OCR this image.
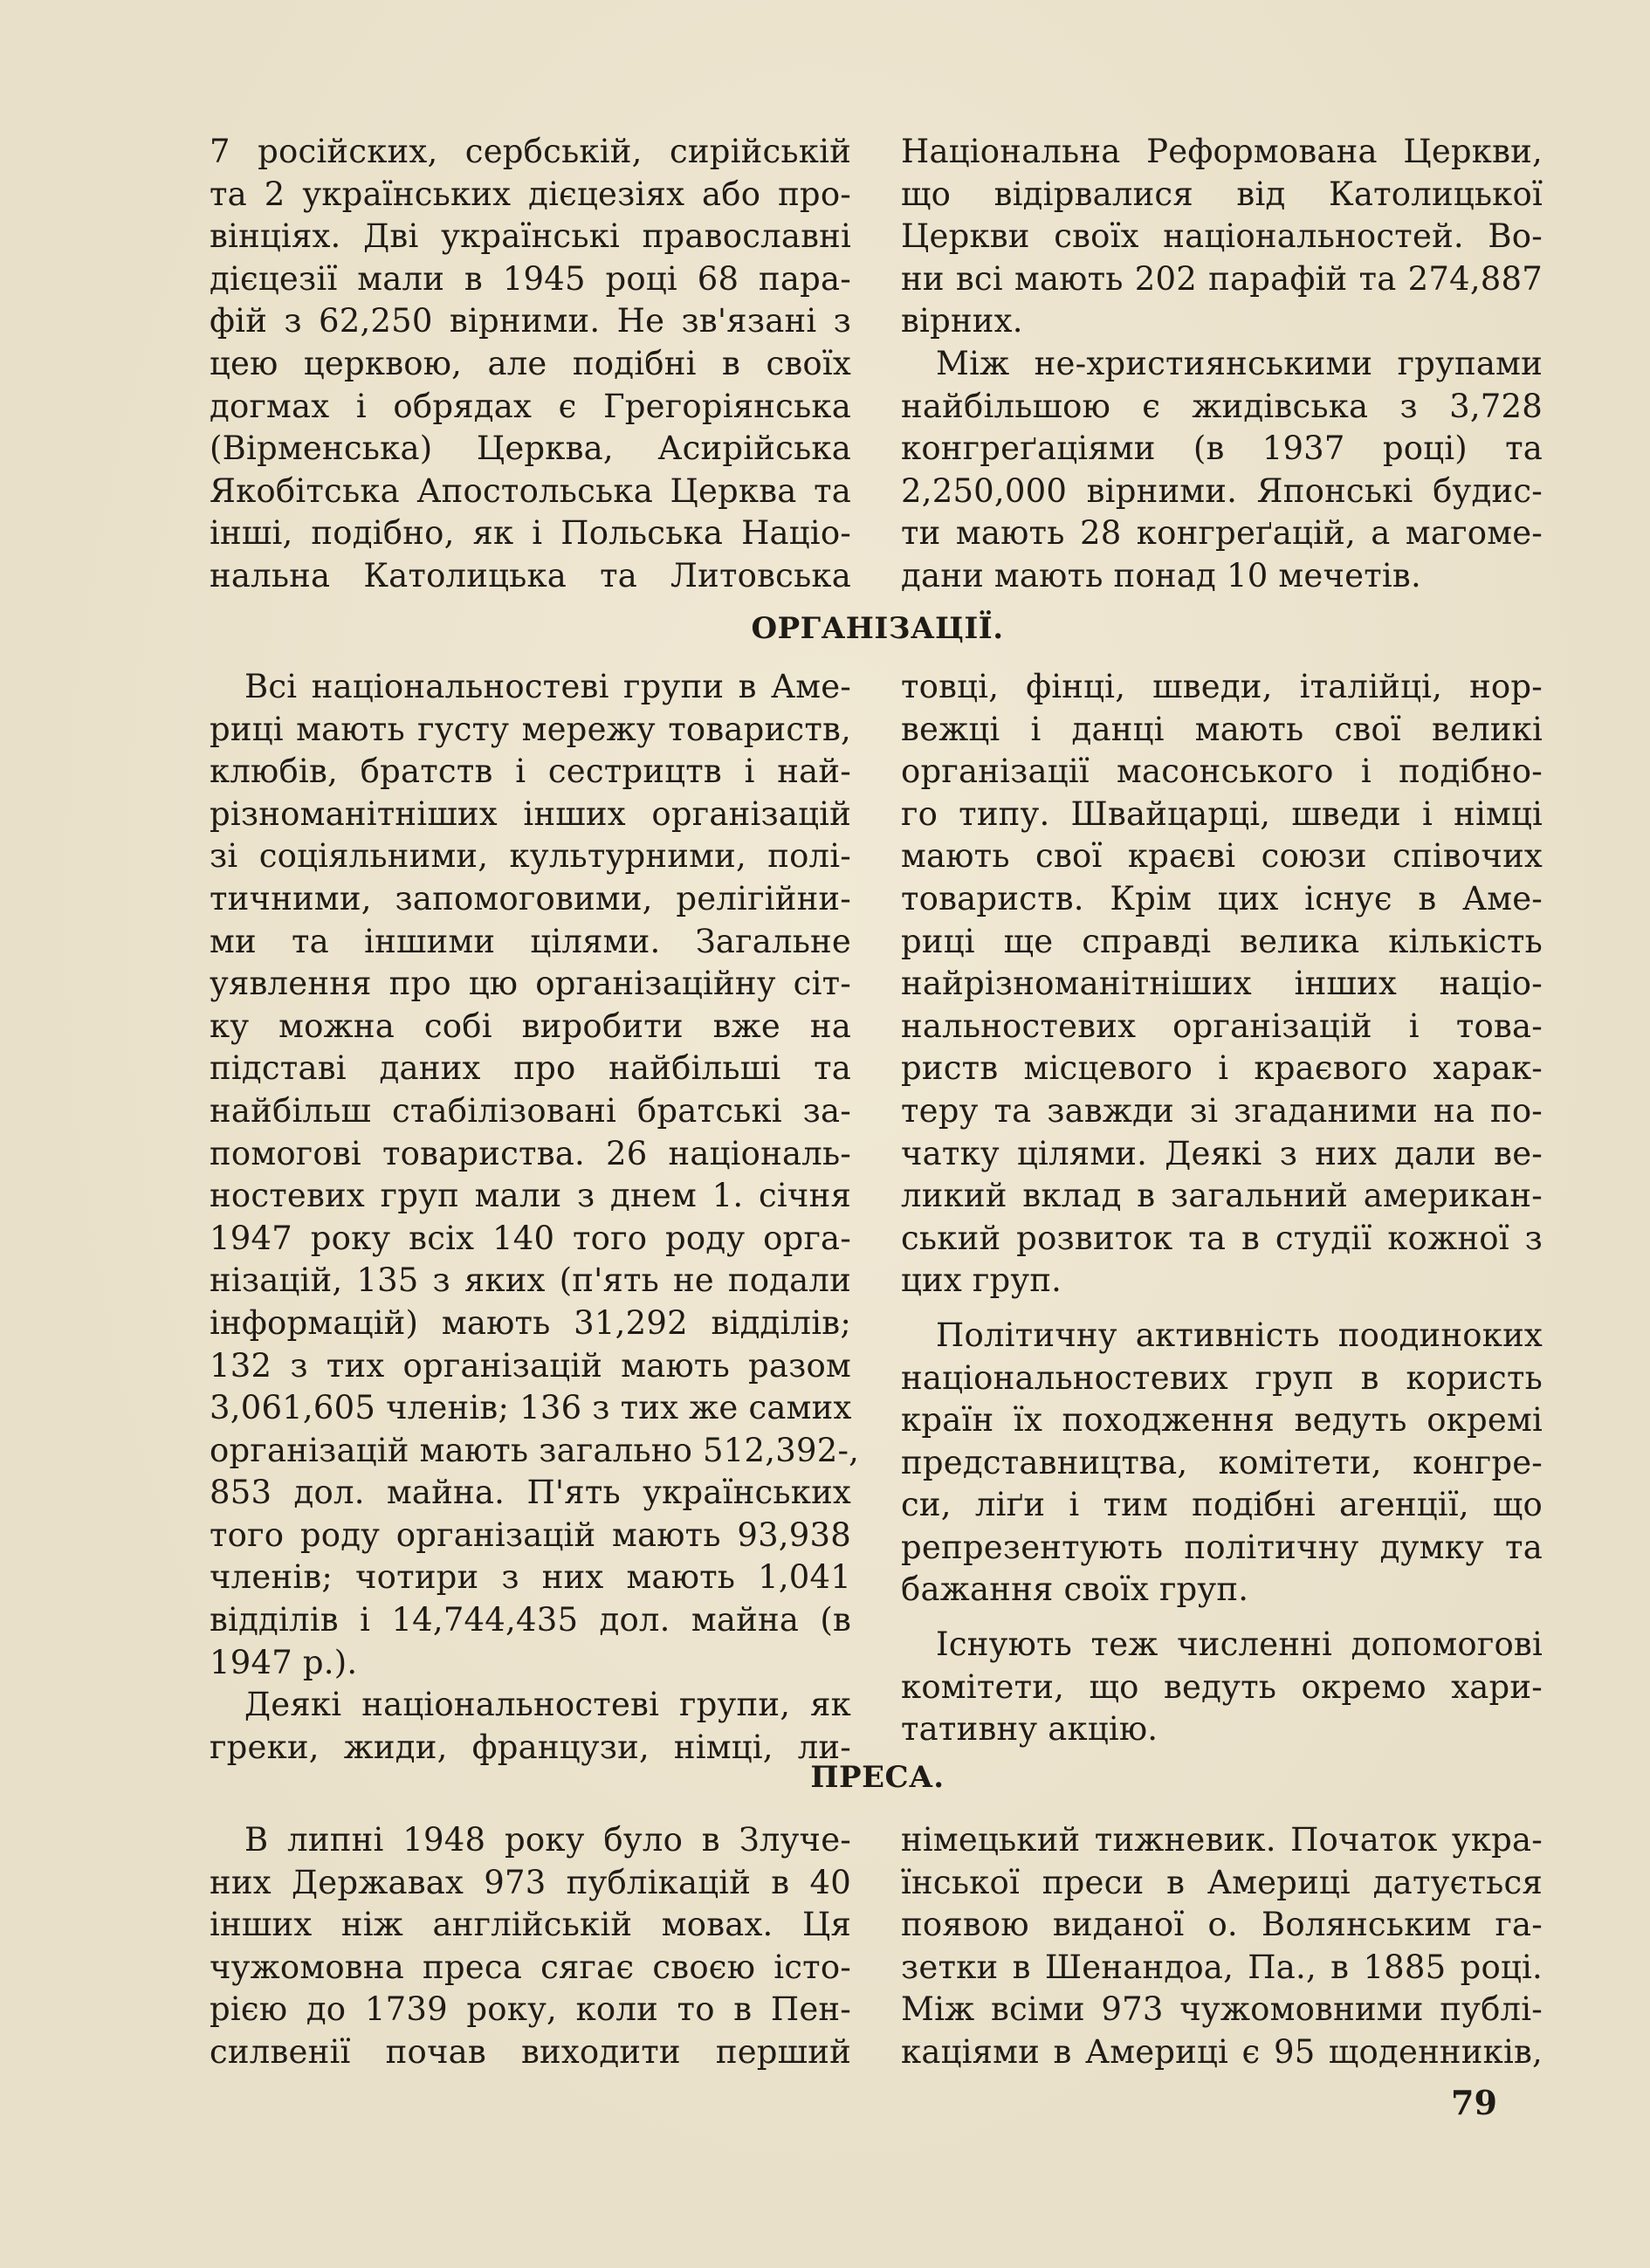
7 російских, сербській, сирійській
та 2 українських дієцезіях або про-
вінціях. Дві українські православні
дієцезії мали в 1945 році 68 пара-
фій з 62,250 вірними. Не зв'язані з
цею церквою, але подібні в своїх
догмах і обрядах є Грегоріянська
(Вірменська) Церква, Асирійська
Якобітська Апостольська Церква та
інші, подібно, як і Польська Націо-
нальна Католицька та Литовська
Національна Реформована Церкви,
що відірвалися від Католицької
Церкви своїх національностей. Во-
ни всі мають 202 парафій та 274,887
вірних.
Між не-християнськими групами
найбільшою є жидівська з 3,728
конгреґаціями (в 1937 році) та
2,250,000 вірними. Японські будис-
ти мають 28 конгреґацій, а магоме-
дани мають понад 10 мечетів.
ОРГАНІЗАЦІЇ.
Всі національностеві групи в Аме-
риці мають густу мережу товариств,
клюбів, братств і сестрицтв і най-
різноманітніших інших організацій
зі соціяльними, культурними, полі-
тичними, запомоговими, релігійни-
ми та іншими цілями. Загальне
уявлення про цю організаційну сіт-
ку можна собі виробити вже на
підставі даних про найбільші та
найбільш стабілізовані братські за-
помогові товариства. 26 національ-
ностевих груп мали з днем 1. січня
1947 року всіх 140 того роду орга-
нізацій, 135 з яких (п'ять не подали
інформацій) мають 31,292 відділів;
132 з тих організацій мають разом
3,061,605 членів; 136 з тих же самих
організацій мають загально 512,392-,
853 дол. майна. П'ять українських
того роду організацій мають 93,938
членів; чотири з них мають 1,041
відділів і 14,744,435 дол. майна (в
1947 р.).
Деякі національностеві групи, як
греки, жиди, французи, німці, ли-
товці, фінці, шведи, італійці, нор-
вежці і данці мають свої великі
організації масонського і подібно-
го типу. Швайцарці, шведи і німці
мають свої краєві союзи співочих
товариств. Крім цих існує в Аме-
риці ще справді велика кількість
найрізноманітніших інших націо-
нальностевих організацій і това-
риств місцевого і краєвого харак-
теру та завжди зі згаданими на по-
чатку цілями. Деякі з них дали ве-
ликий вклад в загальний американ-
ський розвиток та в студії кожної з
цих груп.
Політичну активність поодиноких
національностевих груп в користь
країн їх походження ведуть окремі
представництва, комітети, конгре-
си, ліґи і тим подібні агенції, що
репрезентують політичну думку та
бажання своїх груп.
Існують теж численні допомогові
комітети, що ведуть окремо хари-
тативну акцію.
ПРЕСА.
В липні 1948 року було в Злуче-
них Державах 973 публікацій в 40
інших ніж англійській мовах. Ця
чужомовна преса сягає своєю істо-
рією до 1739 року, коли то в Пен-
силвенії почав виходити перший
німецький тижневик. Початок укра-
їнської преси в Америці датується
появою виданої о. Волянським га-
зетки в Шенандоа, Па., в 1885 році.
Між всіми 973 чужомовними публі-
каціями в Америці є 95 щоденників,
79
